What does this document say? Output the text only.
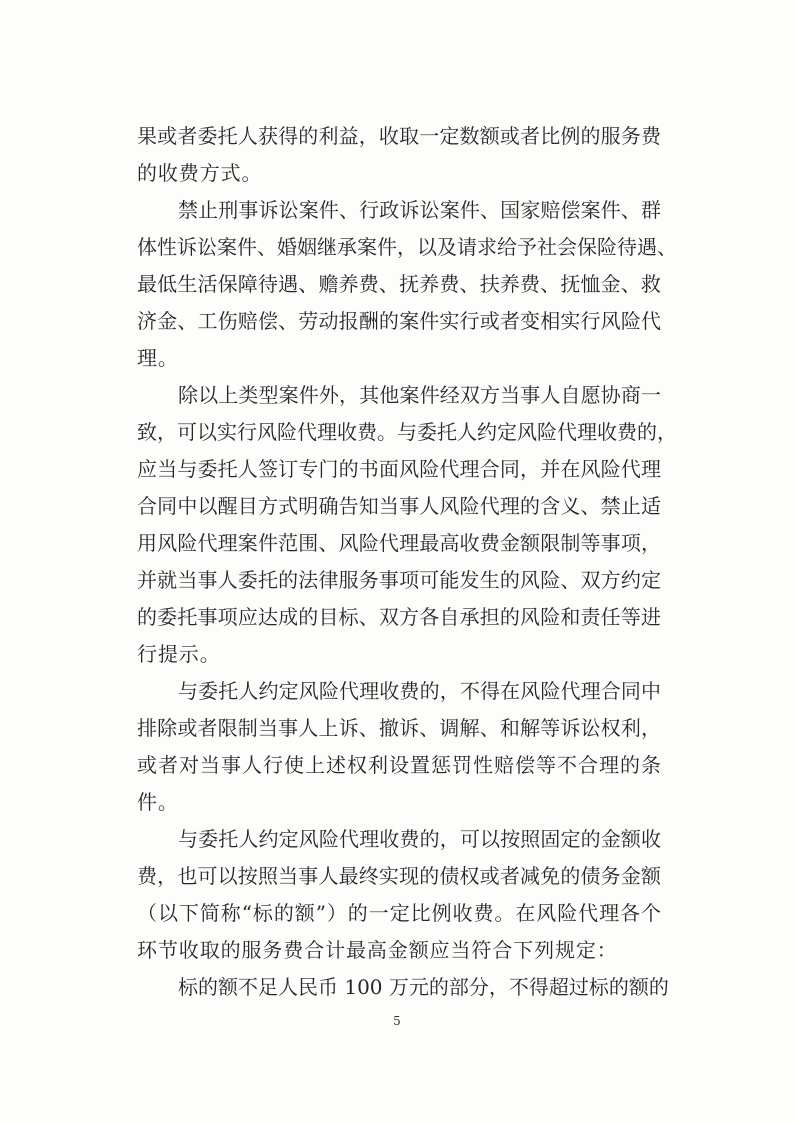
果或者委托人获得的利益，收取一定数额或者比例的服务费
的收费方式。
禁止刑事诉讼案件、行政诉讼案件、国家赔偿案件、群
体性诉讼案件、婚姻继承案件，以及请求给予社会保险待遇、
最低生活保障待遇、赡养费、抚养费、扶养费、抚恤金、救
济金、工伤赔偿、劳动报酬的案件实行或者变相实行风险代
理。
除以上类型案件外，其他案件经双方当事人自愿协商一
致，可以实行风险代理收费。与委托人约定风险代理收费的，
应当与委托人签订专门的书面风险代理合同，并在风险代理
合同中以醒目方式明确告知当事人风险代理的含义、禁止适
用风险代理案件范围、风险代理最高收费金额限制等事项，
并就当事人委托的法律服务事项可能发生的风险、双方约定
的委托事项应达成的目标、双方各自承担的风险和责任等进
行提示。
与委托人约定风险代理收费的，不得在风险代理合同中
排除或者限制当事人上诉、撤诉、调解、和解等诉讼权利，
或者对当事人行使上述权利设置惩罚性赔偿等不合理的条
件。
与委托人约定风险代理收费的，可以按照固定的金额收
费，也可以按照当事人最终实现的债权或者减免的债务金额
（以下简称“标的额”）的一定比例收费。在风险代理各个
环节收取的服务费合计最高金额应当符合下列规定：
标的额不足人民币 100 万元的部分，不得超过标的额的
5
